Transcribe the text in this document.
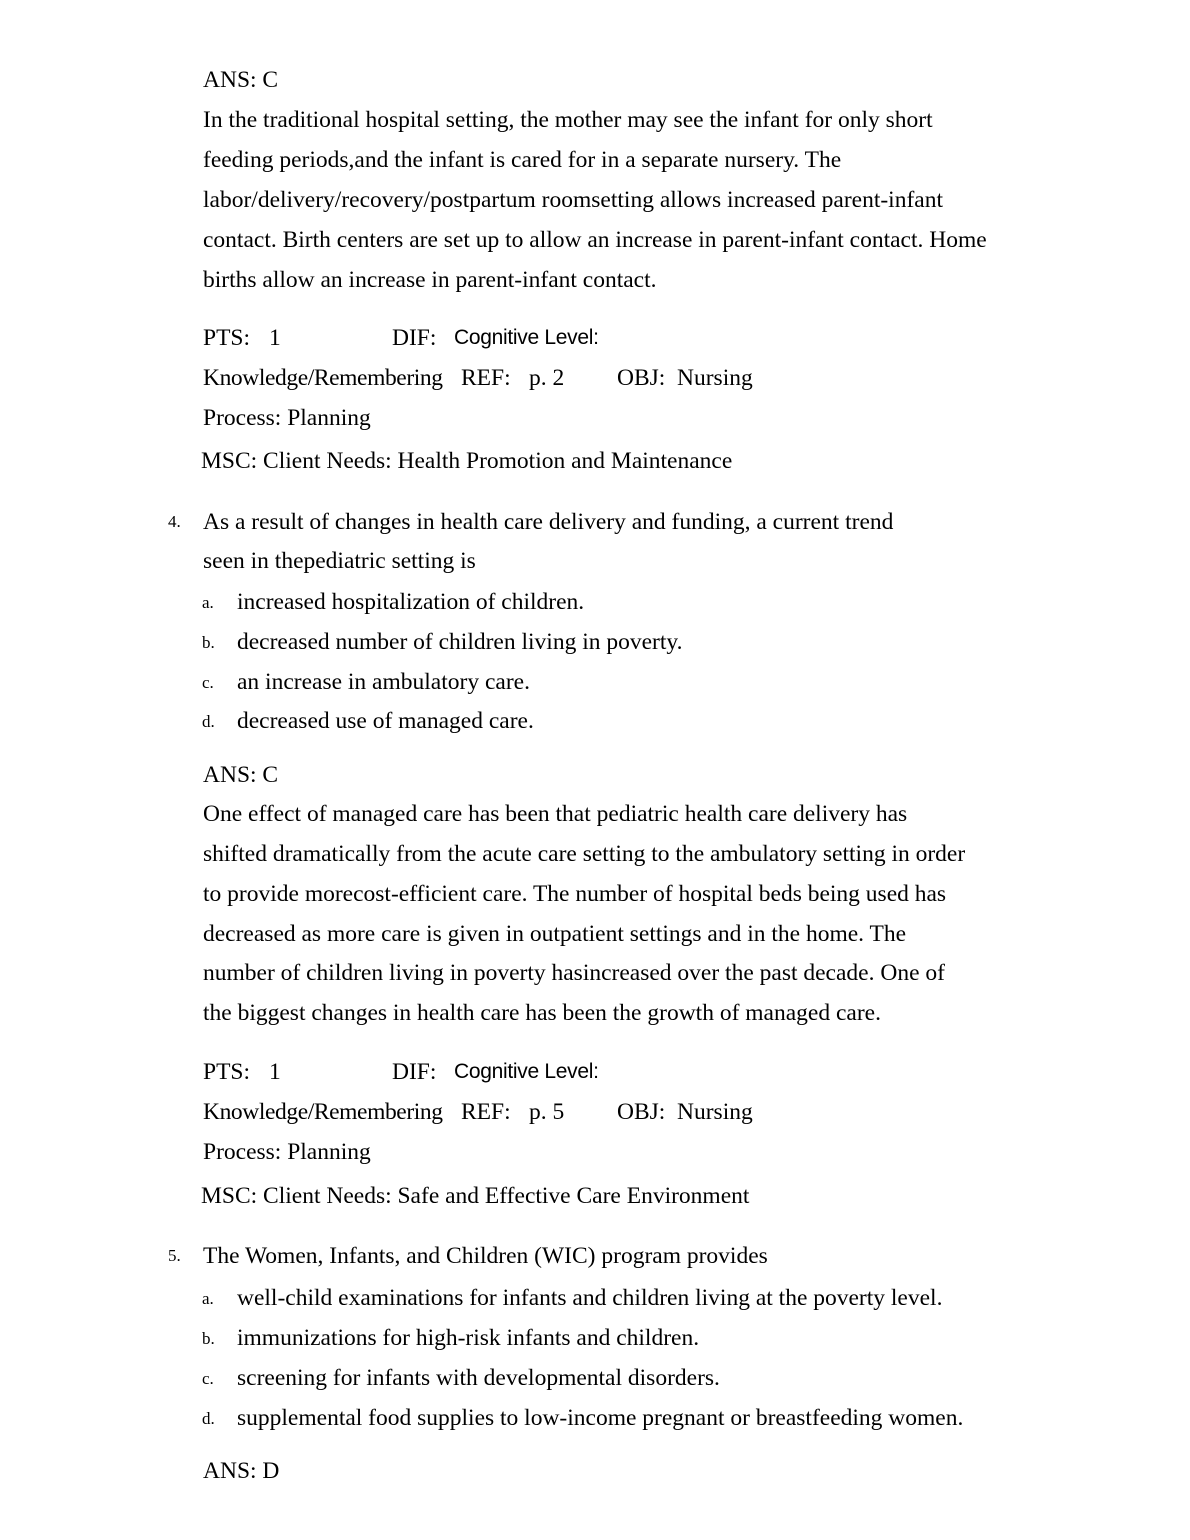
ANS: C
In the traditional hospital setting, the mother may see the infant for only short
feeding periods,and the infant is cared for in a separate nursery. The
labor/delivery/recovery/postpartum roomsetting allows increased parent-infant
contact. Birth centers are set up to allow an increase in parent-infant contact. Home
births allow an increase in parent-infant contact.
PTS: 1	DIF: Cognitive Level:
Knowledge/Remembering REF: p. 2 OBJ: Nursing
Process: Planning
MSC: Client Needs: Health Promotion and Maintenance
4. As a result of changes in health care delivery and funding, a current trend
seen in thepediatric setting is
a. increased hospitalization of children.
b. decreased number of children living in poverty.
c. an increase in ambulatory care.
d. decreased use of managed care.
ANS: C
One effect of managed care has been that pediatric health care delivery has
shifted dramatically from the acute care setting to the ambulatory setting in order
to provide morecost-efficient care. The number of hospital beds being used has
decreased as more care is given in outpatient settings and in the home. The
number of children living in poverty hasincreased over the past decade. One of
the biggest changes in health care has been the growth of managed care.
PTS: 1	DIF: Cognitive Level:
Knowledge/Remembering REF: p. 5 OBJ: Nursing
Process: Planning
MSC: Client Needs: Safe and Effective Care Environment
5. The Women, Infants, and Children (WIC) program provides
a. well-child examinations for infants and children living at the poverty level.
b. immunizations for high-risk infants and children.
c. screening for infants with developmental disorders.
d. supplemental food supplies to low-income pregnant or breastfeeding women.
ANS: D
